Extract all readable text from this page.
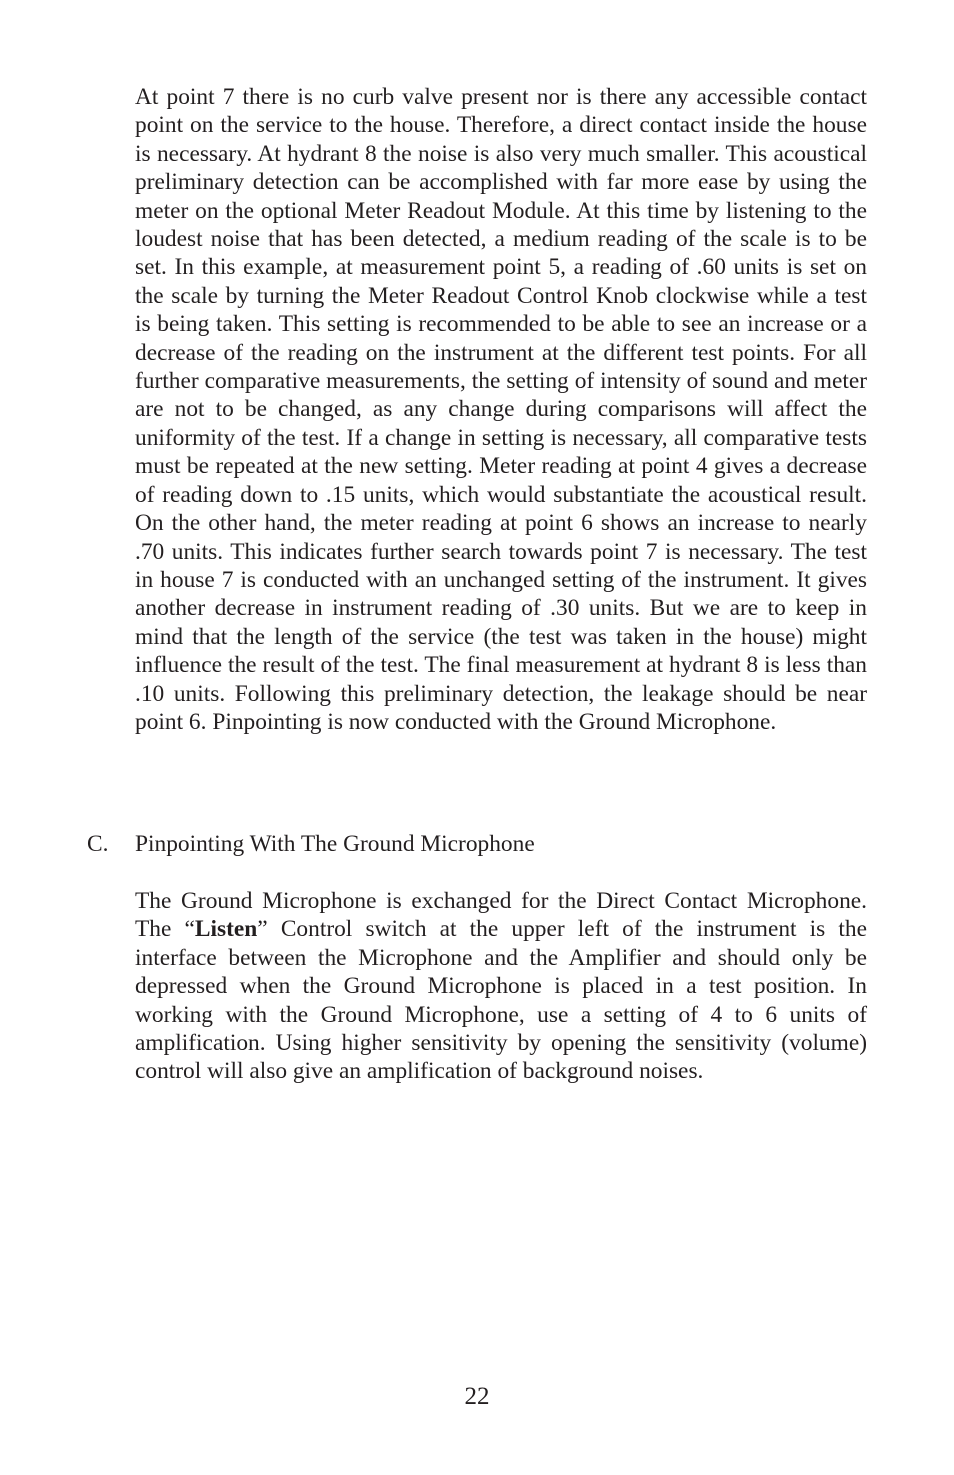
At point 7 there is no curb valve present nor is there any accessible contact point on the service to the house. Therefore, a direct contact inside the house is necessary. At hydrant 8 the noise is also very much smaller. This acoustical preliminary detection can be accomplished with far more ease by using the meter on the optional Meter Readout Module. At this time by listening to the loudest noise that has been detected, a medium reading of the scale is to be set. In this example, at measurement point 5, a reading of .60 units is set on the scale by turning the Meter Readout Control Knob clockwise while a test is being taken. This setting is recommended to be able to see an increase or a decrease of the reading on the instrument at the different test points. For all further comparative measurements, the setting of intensity of sound and meter are not to be changed, as any change during comparisons will affect the uniformity of the test. If a change in setting is necessary, all comparative tests must be repeated at the new setting. Meter reading at point 4 gives a decrease of reading down to .15 units, which would substantiate the acoustical result. On the other hand, the meter reading at point 6 shows an increase to nearly .70 units. This indicates further search towards point 7 is necessary. The test in house 7 is conducted with an unchanged setting of the instrument. It gives another decrease in instrument reading of .30 units. But we are to keep in mind that the length of the service (the test was taken in the house) might influence the result of the test. The final measurement at hydrant 8 is less than .10 units. Following this preliminary detection, the leakage should be near point 6. Pinpointing is now conducted with the Ground Microphone.

C. Pinpointing With The Ground Microphone

The Ground Microphone is exchanged for the Direct Contact Microphone. The “Listen” Control switch at the upper left of the instrument is the interface between the Microphone and the Amplifier and should only be depressed when the Ground Microphone is placed in a test position. In working with the Ground Microphone, use a setting of 4 to 6 units of amplification. Using higher sensitivity by opening the sensitivity (volume) control will also give an amplification of background noises.

22
